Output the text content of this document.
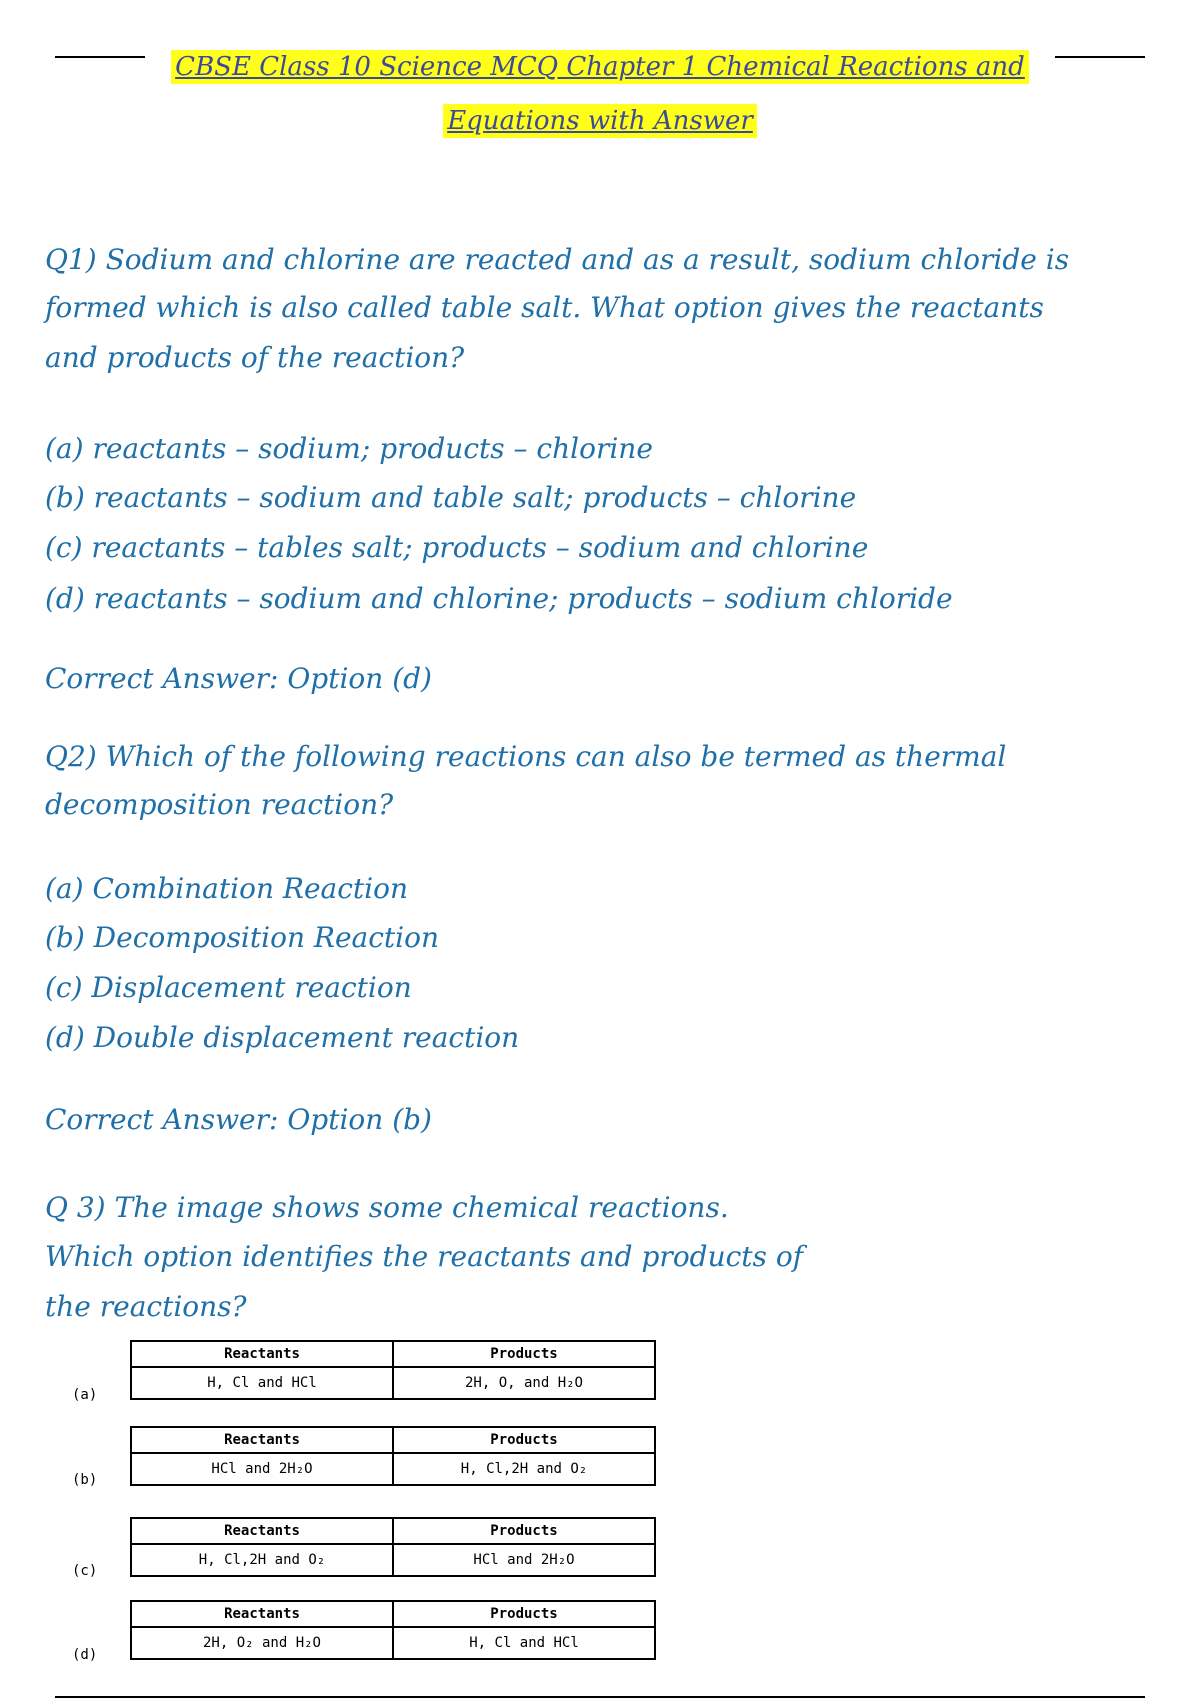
CBSE Class 10 Science MCQ Chapter 1 Chemical Reactions and
Equations with Answer
Q1) Sodium and chlorine are reacted and as a result, sodium chloride is
formed which is also called table salt. What option gives the reactants
and products of the reaction?
(a) reactants – sodium; products – chlorine
(b) reactants – sodium and table salt; products – chlorine
(c) reactants – tables salt; products – sodium and chlorine
(d) reactants – sodium and chlorine; products – sodium chloride
Correct Answer: Option (d)
Q2) Which of the following reactions can also be termed as thermal
decomposition reaction?
(a) Combination Reaction
(b) Decomposition Reaction
(c) Displacement reaction
(d) Double displacement reaction
Correct Answer: Option (b)
Q 3) The image shows some chemical reactions.
Which option identifies the reactants and products of
the reactions?
(a)
Reactants	Products
H, Cl and HCl	2H, O, and H₂O
(b)
Reactants	Products
HCl and 2H₂O	H, Cl,2H and O₂
(c)
Reactants	Products
H, Cl,2H and O₂	HCl and 2H₂O
(d)
Reactants	Products
2H, O₂ and H₂O	H, Cl and HCl
